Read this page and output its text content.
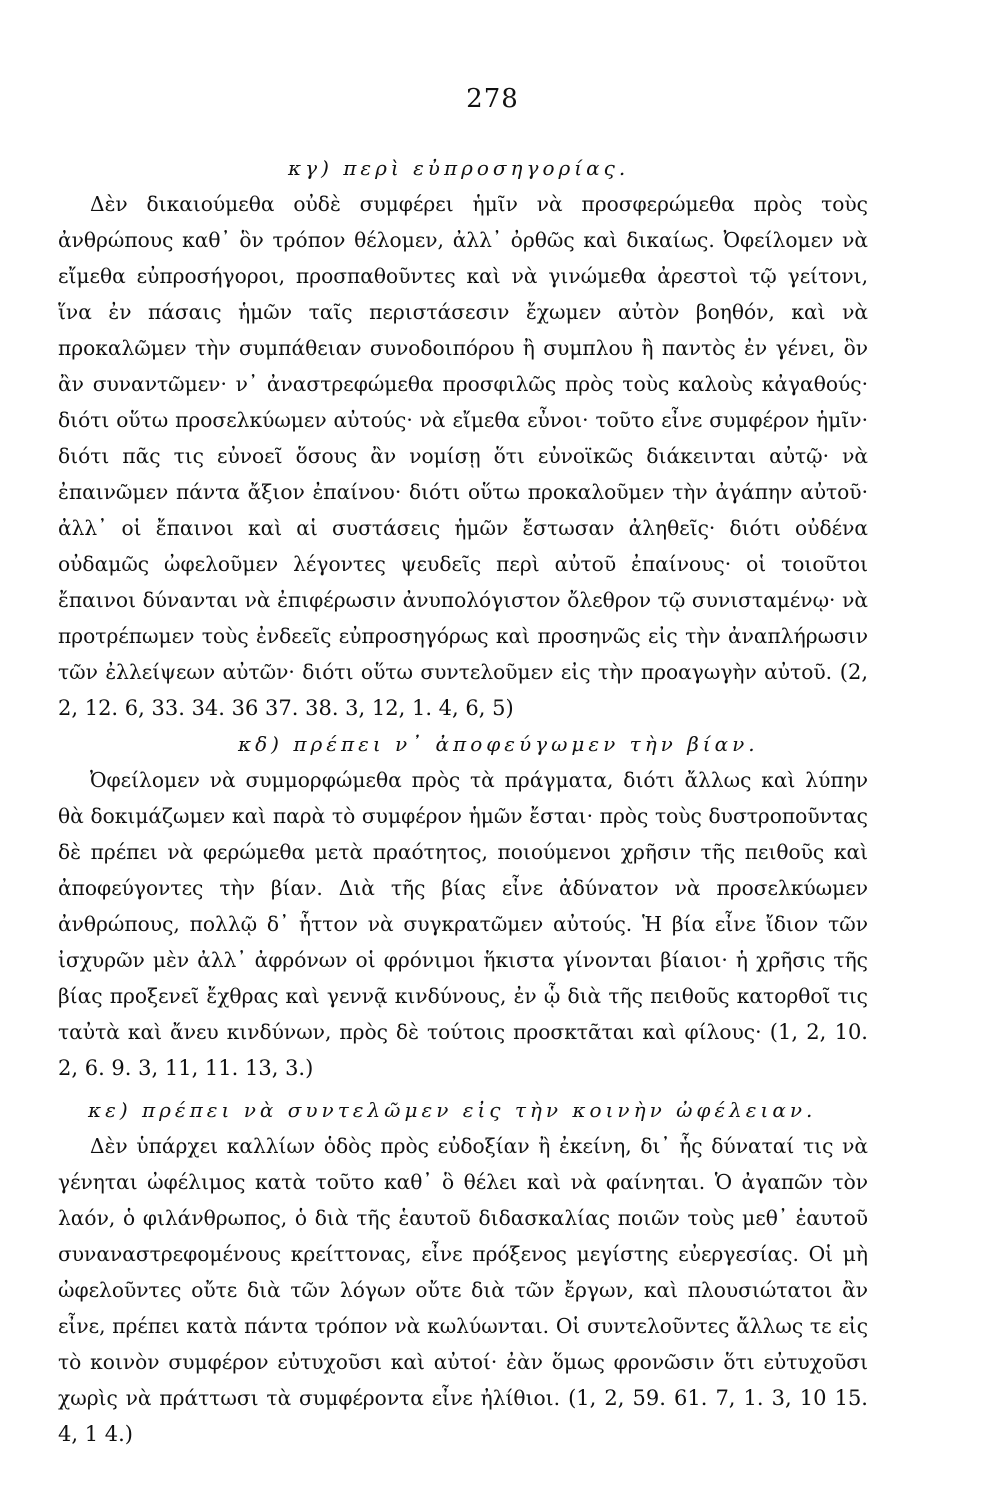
278

κγ) περὶ εὐπροσηγορίας.

Δὲν δικαιούμεθα οὐδὲ συμφέρει ἡμῖν νὰ προσφερώμεθα πρὸς τοὺς ἀνθρώπους καθ᾽ ὃν τρόπον θέλομεν, ἀλλ᾽ ὀρθῶς καὶ δικαίως. Ὀφείλομεν νὰ εἴμεθα εὐπροσήγοροι, προσπαθοῦντες καὶ νὰ γινώμεθα ἀρεστοὶ τῷ γείτονι, ἵνα ἐν πάσαις ἡμῶν ταῖς περιστάσεσιν ἔχωμεν αὐτὸν βοηθόν, καὶ νὰ προκαλῶμεν τὴν συμπάθειαν συνοδοιπόρου ἢ συμπλου ἢ παντὸς ἐν γένει, ὃν ἂν συναντῶμεν· ν᾽ ἀναστρεφώμεθα προσφιλῶς πρὸς τοὺς καλοὺς κἀγαθούς· διότι οὕτω προσελκύωμεν αὐτούς· νὰ εἴμεθα εὖνοι· τοῦτο εἶνε συμφέρον ἡμῖν· διότι πᾶς τις εὐνοεῖ ὅσους ἂν νομίσῃ ὅτι εὐνοϊκῶς διάκεινται αὐτῷ· νὰ ἐπαινῶμεν πάντα ἄξιον ἐπαίνου· διότι οὕτω προκαλοῦμεν τὴν ἀγάπην αὐτοῦ· ἀλλ᾽ οἱ ἔπαινοι καὶ αἱ συστάσεις ἡμῶν ἔστωσαν ἀληθεῖς· διότι οὐδένα οὐδαμῶς ὠφελοῦμεν λέγοντες ψευδεῖς περὶ αὐτοῦ ἐπαίνους· οἱ τοιοῦτοι ἔπαινοι δύνανται νὰ ἐπιφέρωσιν ἀνυπολόγιστον ὄλεθρον τῷ συνισταμένῳ· νὰ προτρέπωμεν τοὺς ἐνδεεῖς εὐπροσηγόρως καὶ προσηνῶς εἰς τὴν ἀναπλήρωσιν τῶν ἐλλείψεων αὐτῶν· διότι οὕτω συντελοῦμεν εἰς τὴν προαγωγὴν αὐτοῦ. (2, 2, 12. 6, 33. 34. 36 37. 38. 3, 12, 1. 4, 6, 5)

κδ) πρέπει ν᾽ ἀποφεύγωμεν τὴν βίαν.

Ὀφείλομεν νὰ συμμορφώμεθα πρὸς τὰ πράγματα, διότι ἄλλως καὶ λύπην θὰ δοκιμάζωμεν καὶ παρὰ τὸ συμφέρον ἡμῶν ἔσται· πρὸς τοὺς δυστροποῦντας δὲ πρέπει νὰ φερώμεθα μετὰ πραότητος, ποιούμενοι χρῆσιν τῆς πειθοῦς καὶ ἀποφεύγοντες τὴν βίαν. Διὰ τῆς βίας εἶνε ἀδύνατον νὰ προσελκύωμεν ἀνθρώπους, πολλῷ δ᾽ ἧττον νὰ συγκρατῶμεν αὐτούς. Ἡ βία εἶνε ἴδιον τῶν ἰσχυρῶν μὲν ἀλλ᾽ ἀφρόνων οἱ φρόνιμοι ἥκιστα γίνονται βίαιοι· ἡ χρῆσις τῆς βίας προξενεῖ ἔχθρας καὶ γεννᾷ κινδύνους, ἐν ᾧ διὰ τῆς πειθοῦς κατορθοῖ τις ταὐτὰ καὶ ἄνευ κινδύνων, πρὸς δὲ τούτοις προσκτᾶται καὶ φίλους· (1, 2, 10. 2, 6. 9. 3, 11, 11. 13, 3.)

κε) πρέπει νὰ συντελῶμεν εἰς τὴν κοινὴν ὠφέλειαν.

Δὲν ὑπάρχει καλλίων ὁδὸς πρὸς εὐδοξίαν ἢ ἐκείνη, δι᾽ ἧς δύναταί τις νὰ γένηται ὠφέλιμος κατὰ τοῦτο καθ᾽ ὃ θέλει καὶ νὰ φαίνηται. Ὁ ἀγαπῶν τὸν λαόν, ὁ φιλάνθρωπος, ὁ διὰ τῆς ἑαυτοῦ διδασκαλίας ποιῶν τοὺς μεθ᾽ ἑαυτοῦ συναναστρεφομένους κρείττονας, εἶνε πρόξενος μεγίστης εὐεργεσίας. Οἱ μὴ ὠφελοῦντες οὔτε διὰ τῶν λόγων οὔτε διὰ τῶν ἔργων, καὶ πλουσιώτατοι ἂν εἶνε, πρέπει κατὰ πάντα τρόπον νὰ κωλύωνται. Οἱ συντελοῦντες ἄλλως τε εἰς τὸ κοινὸν συμφέρον εὐτυχοῦσι καὶ αὐτοί· ἐὰν ὅμως φρονῶσιν ὅτι εὐτυχοῦσι χωρὶς νὰ πράττωσι τὰ συμφέροντα εἶνε ἠλίθιοι. (1, 2, 59. 61. 7, 1. 3, 10 15. 4, 1 4.)
